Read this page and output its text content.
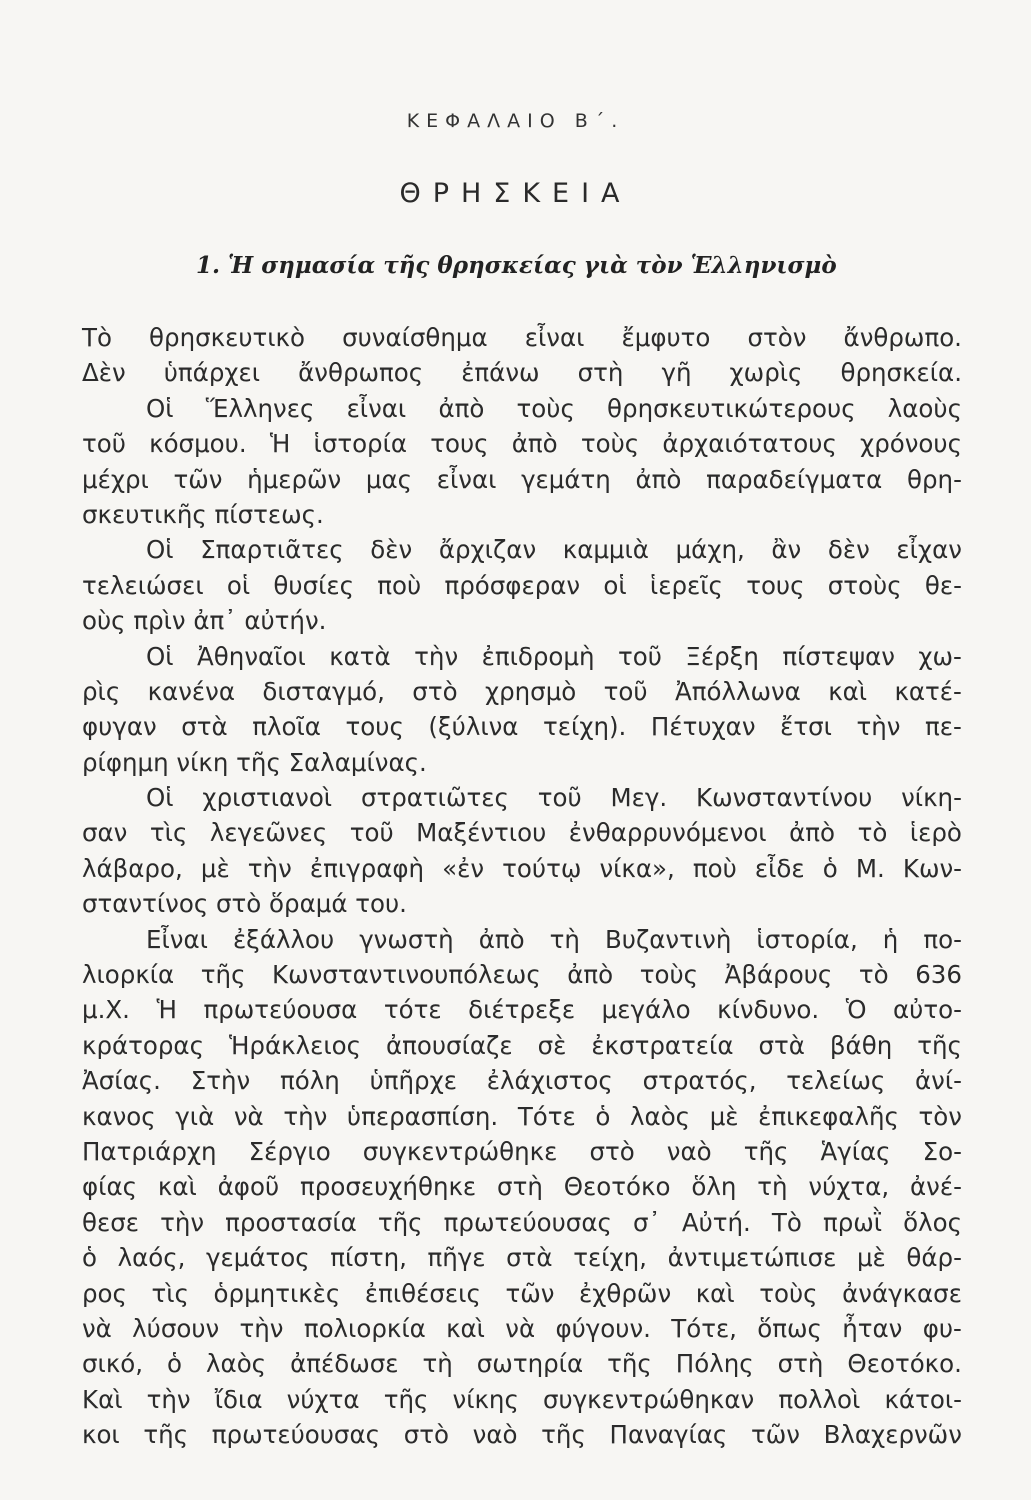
ΚΕΦΑΛΑΙΟ Β΄.
ΘΡΗΣΚΕΙΑ
1. Ἡ σημασία τῆς θρησκείας γιὰ τὸν Ἑλληνισμὸ
Τὸ θρησκευτικὸ συναίσθημα εἶναι ἔμφυτο στὸν ἄνθρωπο.
Δὲν ὑπάρχει ἄνθρωπος ἐπάνω στὴ γῆ χωρὶς θρησκεία.
Οἱ Ἕλληνες εἶναι ἀπὸ τοὺς θρησκευτικώτερους λαοὺς
τοῦ κόσμου. Ἡ ἱστορία τους ἀπὸ τοὺς ἀρχαιότατους χρόνους
μέχρι τῶν ἡμερῶν μας εἶναι γεμάτη ἀπὸ παραδείγματα θρη-
σκευτικῆς πίστεως.
Οἱ Σπαρτιᾶτες δὲν ἄρχιζαν καμμιὰ μάχη, ἂν δὲν εἶχαν
τελειώσει οἱ θυσίες ποὺ πρόσφεραν οἱ ἱερεῖς τους στοὺς θε-
οὺς πρὶν ἀπ᾽ αὐτήν.
Οἱ Ἀθηναῖοι κατὰ τὴν ἐπιδρομὴ τοῦ Ξέρξη πίστεψαν χω-
ρὶς κανένα δισταγμό, στὸ χρησμὸ τοῦ Ἀπόλλωνα καὶ κατέ-
φυγαν στὰ πλοῖα τους (ξύλινα τείχη). Πέτυχαν ἔτσι τὴν πε-
ρίφημη νίκη τῆς Σαλαμίνας.
Οἱ χριστιανοὶ στρατιῶτες τοῦ Μεγ. Κωνσταντίνου νίκη-
σαν τὶς λεγεῶνες τοῦ Μαξέντιου ἐνθαρρυνόμενοι ἀπὸ τὸ ἱερὸ
λάβαρο, μὲ τὴν ἐπιγραφὴ «ἐν τούτῳ νίκα», ποὺ εἶδε ὁ Μ. Κων-
σταντίνος στὸ ὅραμά του.
Εἶναι ἐξάλλου γνωστὴ ἀπὸ τὴ Βυζαντινὴ ἱστορία, ἡ πο-
λιορκία τῆς Κωνσταντινουπόλεως ἀπὸ τοὺς Ἀβάρους τὸ 636
μ.Χ. Ἡ πρωτεύουσα τότε διέτρεξε μεγάλο κίνδυνο. Ὁ αὐτο-
κράτορας Ἡράκλειος ἀπουσίαζε σὲ ἐκστρατεία στὰ βάθη τῆς
Ἀσίας. Στὴν πόλη ὑπῆρχε ἐλάχιστος στρατός, τελείως ἀνί-
κανος γιὰ νὰ τὴν ὑπερασπίση. Τότε ὁ λαὸς μὲ ἐπικεφαλῆς τὸν
Πατριάρχη Σέργιο συγκεντρώθηκε στὸ ναὸ τῆς Ἁγίας Σο-
φίας καὶ ἀφοῦ προσευχήθηκε στὴ Θεοτόκο ὅλη τὴ νύχτα, ἀνέ-
θεσε τὴν προστασία τῆς πρωτεύουσας σ᾽ Αὐτή. Τὸ πρωῒ ὅλος
ὁ λαός, γεμάτος πίστη, πῆγε στὰ τείχη, ἀντιμετώπισε μὲ θάρ-
ρος τὶς ὁρμητικὲς ἐπιθέσεις τῶν ἐχθρῶν καὶ τοὺς ἀνάγκασε
νὰ λύσουν τὴν πολιορκία καὶ νὰ φύγουν. Τότε, ὅπως ἦταν φυ-
σικό, ὁ λαὸς ἀπέδωσε τὴ σωτηρία τῆς Πόλης στὴ Θεοτόκο.
Καὶ τὴν ἴδια νύχτα τῆς νίκης συγκεντρώθηκαν πολλοὶ κάτοι-
κοι τῆς πρωτεύουσας στὸ ναὸ τῆς Παναγίας τῶν Βλαχερνῶν
